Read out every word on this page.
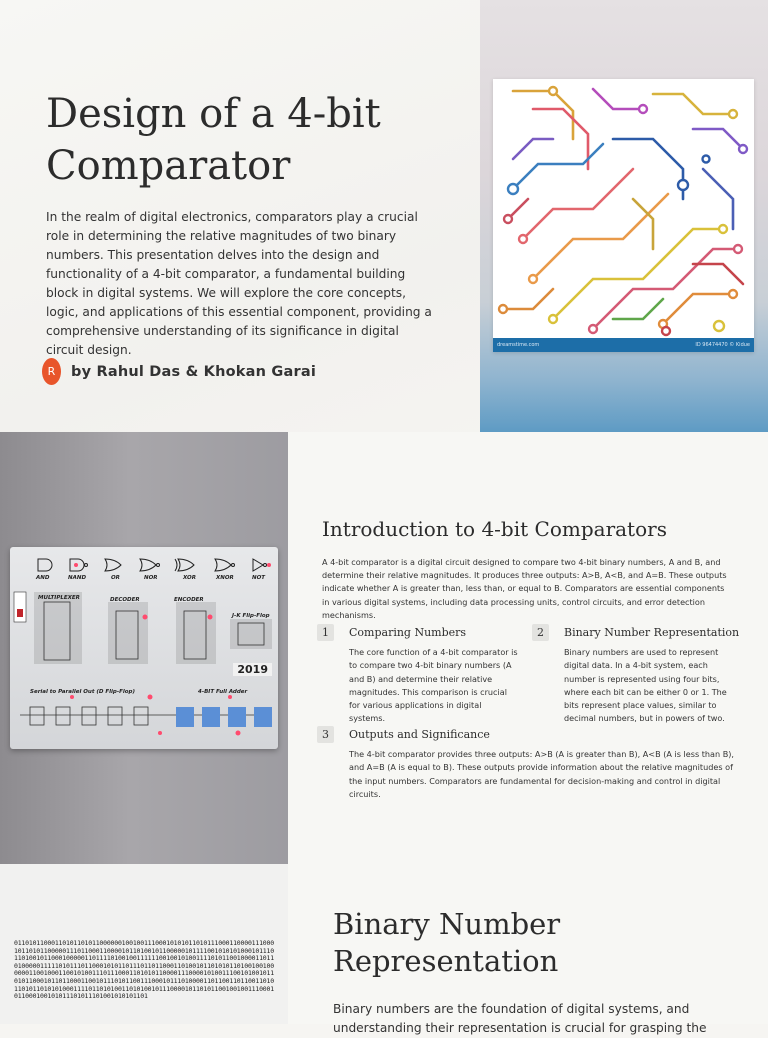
Design of a 4-bit Comparator

In the realm of digital electronics, comparators play a crucial role in determining the relative magnitudes of two binary numbers. This presentation delves into the design and functionality of a 4-bit comparator, a fundamental building block in digital systems. We will explore the core concepts, logic, and applications of this essential component, providing a comprehensive understanding of its significance in digital circuit design.

R	by Rahul Das & Khokan Garai
dreamstime.com	ID 96474470 © Kidue
AND	NAND	OR	NOR	XOR	XNOR	NOT
MULTIPLEXER	DECODER	ENCODER
J-K Flip-Flop
2019
Serial to Parallel Out (D Flip-Flop)	4-BIT Full Adder
Introduction to 4-bit Comparators

A 4-bit comparator is a digital circuit designed to compare two 4-bit binary numbers, A and B, and determine their relative magnitudes. It produces three outputs: A>B, A<B, and A=B. These outputs indicate whether A is greater than, less than, or equal to B. Comparators are essential components in various digital systems, including data processing units, control circuits, and error detection mechanisms.

1	Comparing Numbers

The core function of a 4-bit comparator is to compare two 4-bit binary numbers (A and B) and determine their relative magnitudes. This comparison is crucial for various applications in digital systems.

2	Binary Number Representation

Binary numbers are used to represent digital data. In a 4-bit system, each number is represented using four bits, where each bit can be either 0 or 1. The bits represent place values, similar to decimal numbers, but in powers of two.

3	Outputs and Significance

The 4-bit comparator provides three outputs: A>B (A is greater than B), A<B (A is less than B), and A=B (A is equal to B). These outputs provide information about the relative magnitudes of the input numbers. Comparators are fundamental for decision-making and control in digital circuits.

0110101100011010110101100000010010011100010101011010111000110000111000101101011000001110110001100001011010010110000010111100101010100010111011010010110001000001101111010010011111100100101001111010110010000110110100000111110101110110001010110111011011000110100101101010110100100100000011001000110010100111011100011010101100001110000101001110010100101101011000101101100011001011101011001110001011101000011011001101100110101101011010101000111101101010011010100101110000101101011001001001110001011000100101011101011101001010101101
Binary Number Representation

Binary numbers are the foundation of digital systems, and understanding their representation is crucial for grasping the
